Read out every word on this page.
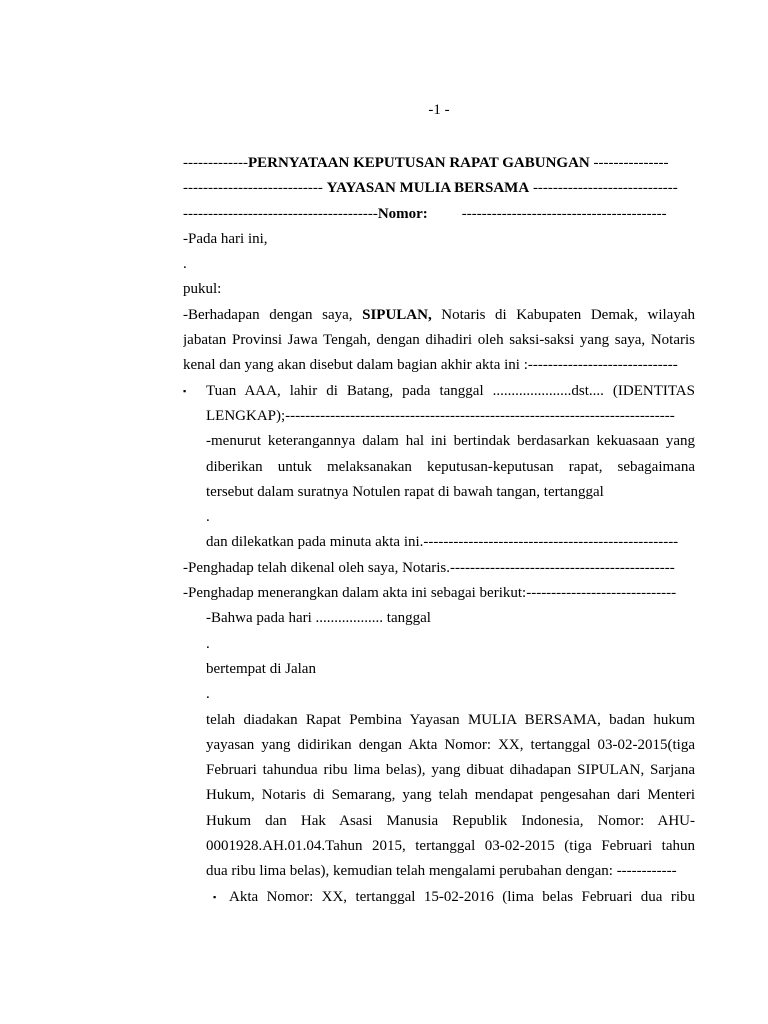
-1 -
-------------PERNYATAAN KEPUTUSAN RAPAT GABUNGAN ---------------
---------------------------- YAYASAN MULIA BERSAMA -----------------------------
---------------------------------------Nomor: -----------------------------------------
-Pada hari ini,
.
pukul:
-Berhadapan dengan saya, SIPULAN, Notaris di Kabupaten Demak, wilayah
jabatan Provinsi Jawa Tengah, dengan dihadiri oleh saksi-saksi yang saya, Notaris
kenal dan yang akan disebut dalam bagian akhir akta ini :------------------------------
▪ Tuan AAA, lahir di Batang, pada tanggal .....................dst.... (IDENTITAS
LENGKAP);------------------------------------------------------------------------------
-menurut keterangannya dalam hal ini bertindak berdasarkan kekuasaan yang
diberikan untuk melaksanakan keputusan-keputusan rapat, sebagaimana
tersebut dalam suratnya Notulen rapat di bawah tangan, tertanggal
.
dan dilekatkan pada minuta akta ini.---------------------------------------------------
-Penghadap telah dikenal oleh saya, Notaris.---------------------------------------------
-Penghadap menerangkan dalam akta ini sebagai berikut:------------------------------
-Bahwa pada hari .................. tanggal
.
bertempat di Jalan
.
telah diadakan Rapat Pembina Yayasan MULIA BERSAMA, badan hukum
yayasan yang didirikan dengan Akta Nomor: XX, tertanggal 03-02-2015(tiga
Februari tahundua ribu lima belas), yang dibuat dihadapan SIPULAN, Sarjana
Hukum, Notaris di Semarang, yang telah mendapat pengesahan dari Menteri
Hukum dan Hak Asasi Manusia Republik Indonesia, Nomor: AHU-
0001928.AH.01.04.Tahun 2015, tertanggal 03-02-2015 (tiga Februari tahun
dua ribu lima belas), kemudian telah mengalami perubahan dengan: ------------
▪ Akta Nomor: XX, tertanggal 15-02-2016 (lima belas Februari dua ribu
